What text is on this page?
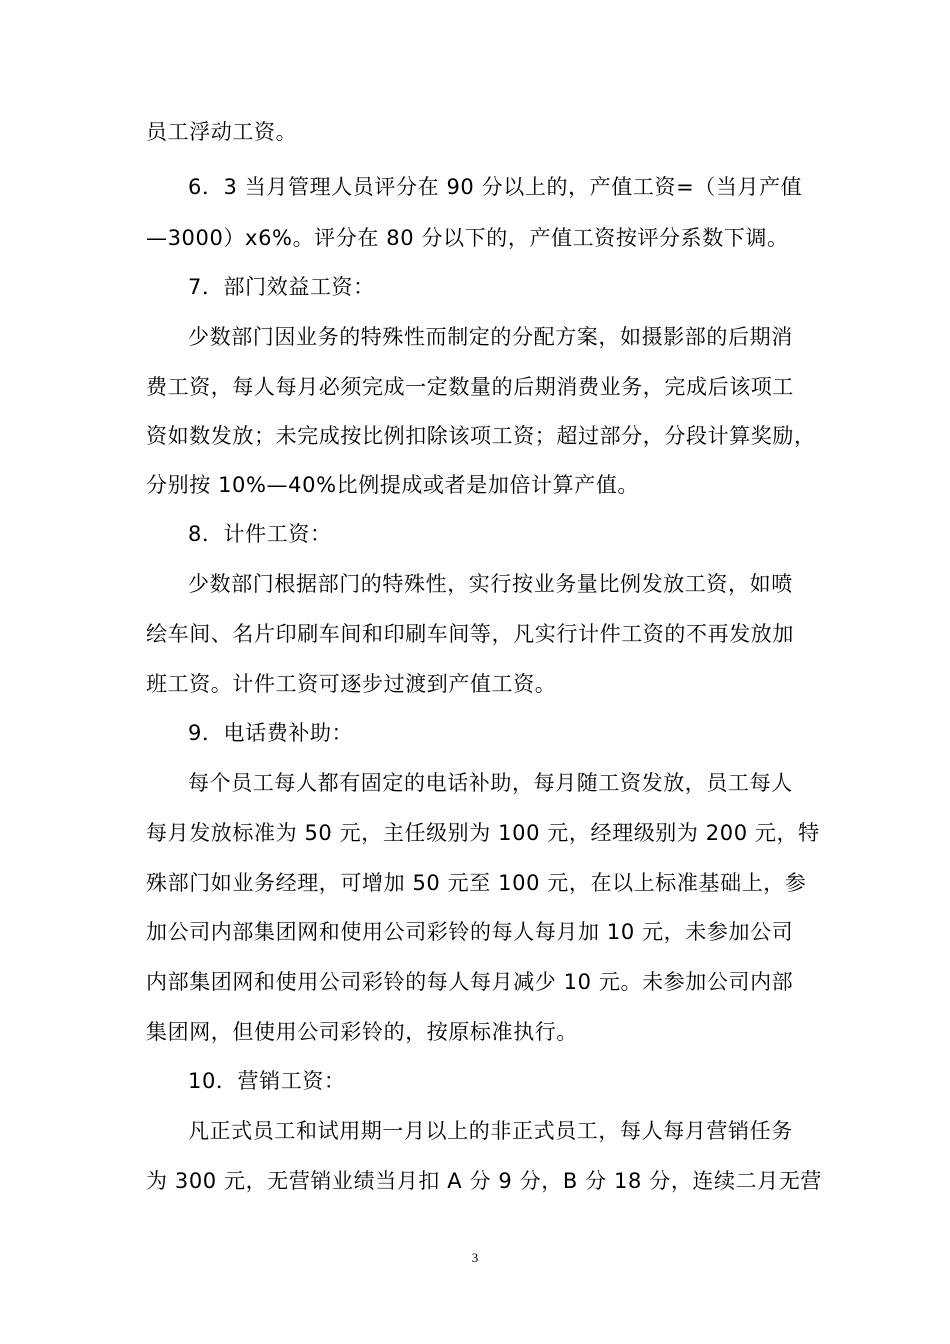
员工浮动工资。
6．3 当月管理人员评分在 90 分以上的，产值工资=（当月产值
—3000）x6%。评分在 80 分以下的，产值工资按评分系数下调。
7．部门效益工资：
少数部门因业务的特殊性而制定的分配方案，如摄影部的后期消
费工资，每人每月必须完成一定数量的后期消费业务，完成后该项工
资如数发放；未完成按比例扣除该项工资；超过部分，分段计算奖励，
分别按 10%—40%比例提成或者是加倍计算产值。
8．计件工资：
少数部门根据部门的特殊性，实行按业务量比例发放工资，如喷
绘车间、名片印刷车间和印刷车间等，凡实行计件工资的不再发放加
班工资。计件工资可逐步过渡到产值工资。
9．电话费补助：
每个员工每人都有固定的电话补助，每月随工资发放，员工每人
每月发放标准为 50 元，主任级别为 100 元，经理级别为 200 元，特
殊部门如业务经理，可增加 50 元至 100 元，在以上标准基础上，参
加公司内部集团网和使用公司彩铃的每人每月加 10 元，未参加公司
内部集团网和使用公司彩铃的每人每月减少 10 元。未参加公司内部
集团网，但使用公司彩铃的，按原标准执行。
10．营销工资：
凡正式员工和试用期一月以上的非正式员工，每人每月营销任务
为 300 元，无营销业绩当月扣 A 分 9 分，B 分 18 分，连续二月无营
3
